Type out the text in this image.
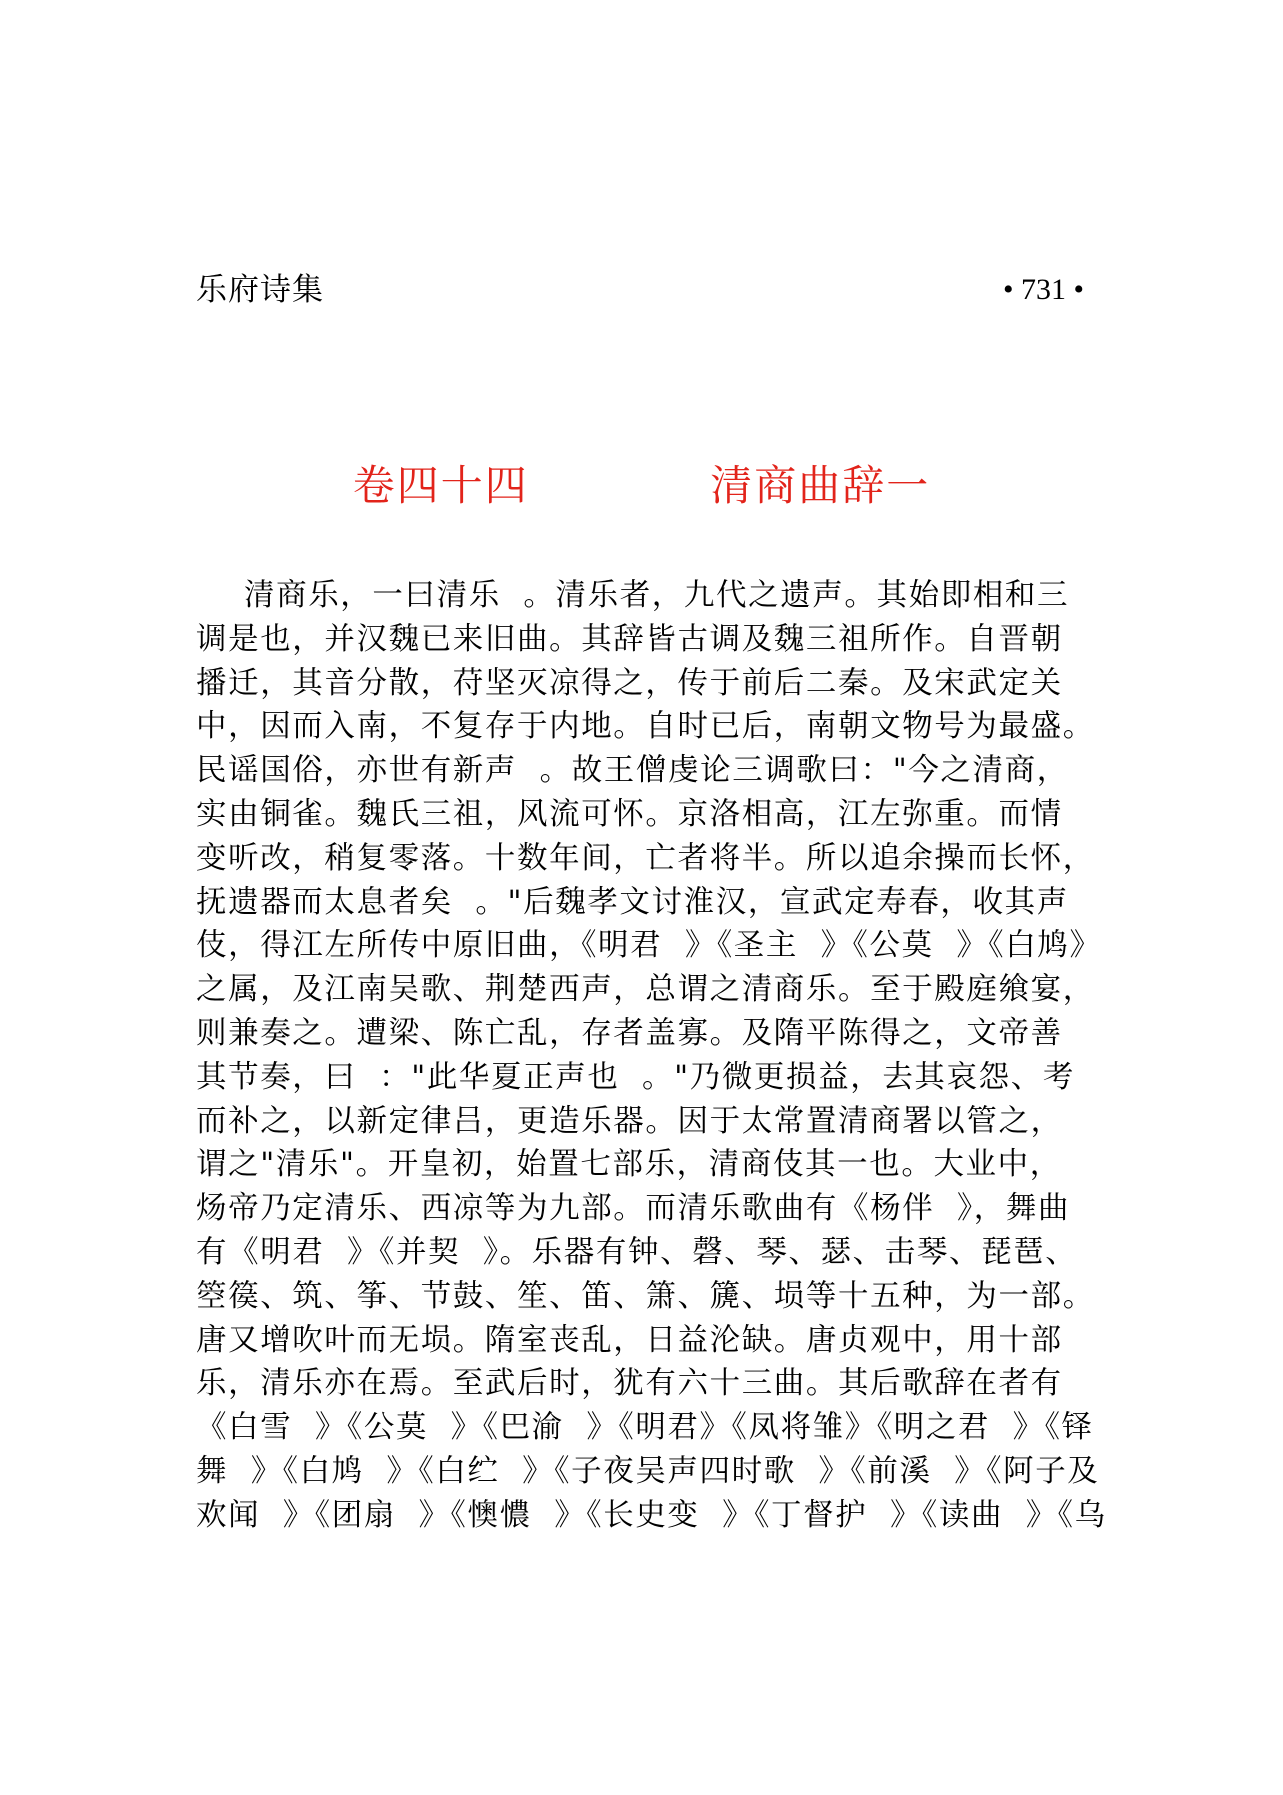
乐府诗集	• 731 •
卷四十四    清商曲辞一
清商乐，一曰清乐  。清乐者，九代之遗声。其始即相和三
调是也，并汉魏已来旧曲。其辞皆古调及魏三祖所作。自晋朝
播迁，其音分散，苻坚灭凉得之，传于前后二秦。及宋武定关
中，因而入南，不复存于内地。自时已后，南朝文物号为最盛。
民谣国俗，亦世有新声  。故王僧虔论三调歌曰："今之清商，
实由铜雀。魏氏三祖，风流可怀。京洛相高，江左弥重。而情
变听改，稍复零落。十数年间，亡者将半。所以追余操而长怀，
抚遗器而太息者矣  。"后魏孝文讨淮汉，宣武定寿春，收其声
伎，得江左所传中原旧曲，《明君  》《圣主  》《公莫  》《白鸠》
之属，及江南吴歌、荆楚西声，总谓之清商乐。至于殿庭飨宴，
则兼奏之。遭梁、陈亡乱，存者盖寡。及隋平陈得之，文帝善
其节奏，曰  ："此华夏正声也  。"乃微更损益，去其哀怨、考
而补之，以新定律吕，更造乐器。因于太常置清商署以管之，
谓之"清乐"。开皇初，始置七部乐，清商伎其一也。大业中，
炀帝乃定清乐、西凉等为九部。而清乐歌曲有《杨伴  》，舞曲
有《明君  》《并契  》。乐器有钟、磬、琴、瑟、击琴、琵琶、
箜篌、筑、筝、节鼓、笙、笛、箫、篪、埙等十五种，为一部。
唐又增吹叶而无埙。隋室丧乱，日益沦缺。唐贞观中，用十部
乐，清乐亦在焉。至武后时，犹有六十三曲。其后歌辞在者有
《白雪  》《公莫  》《巴渝  》《明君》《凤将雏》《明之君  》《铎
舞  》《白鸠  》《白纻  》《子夜吴声四时歌  》《前溪  》《阿子及
欢闻  》《团扇  》《懊憹  》《长史变  》《丁督护  》《读曲  》《乌
